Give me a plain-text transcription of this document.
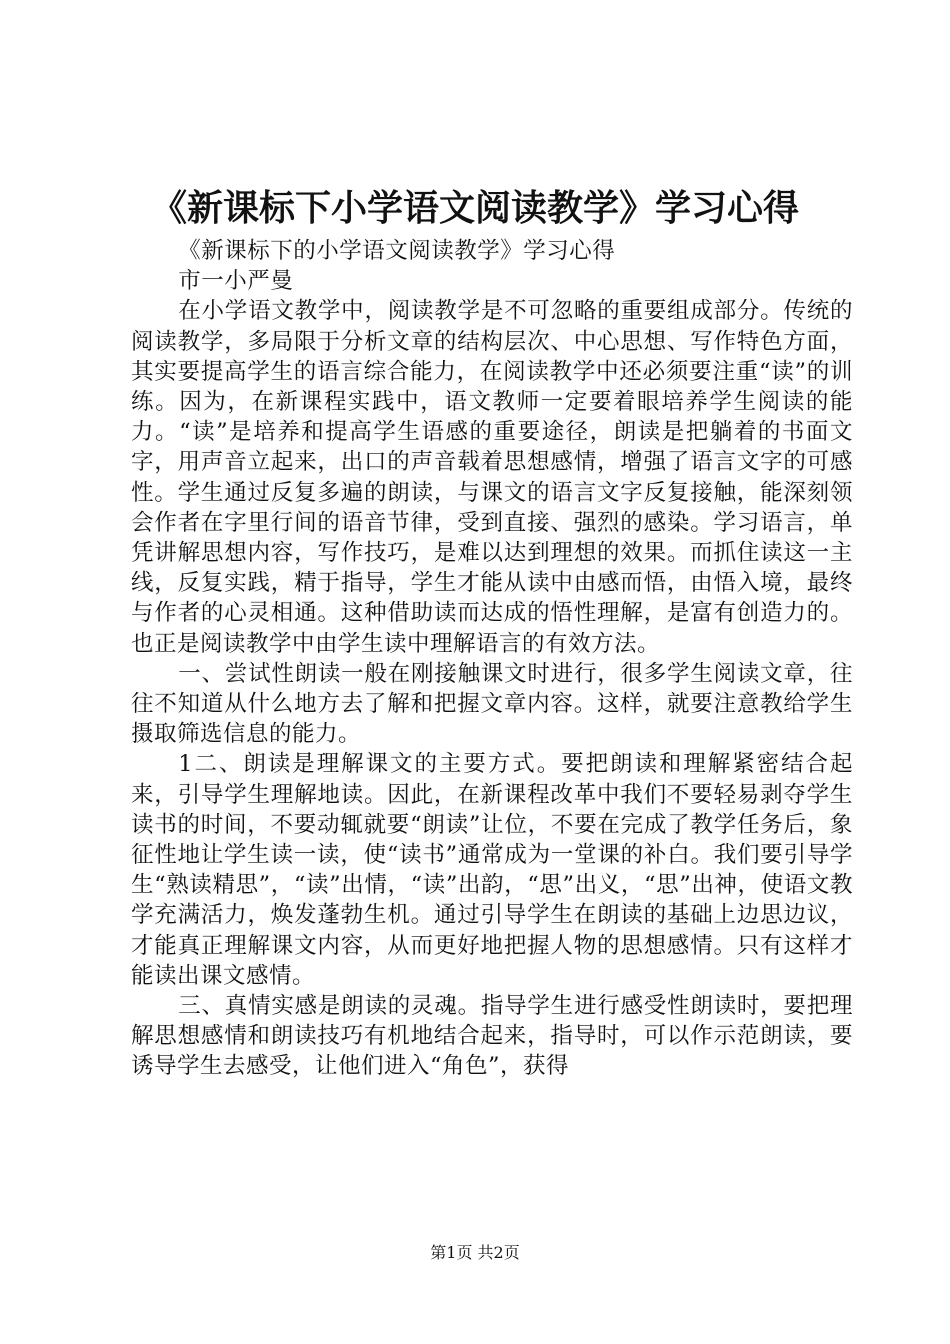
《新课标下小学语文阅读教学》学习心得

《新课标下的小学语文阅读教学》学习心得

市一小严曼

在小学语文教学中，阅读教学是不可忽略的重要组成部分。传统的阅读教学，多局限于分析文章的结构层次、中心思想、写作特色方面，其实要提高学生的语言综合能力，在阅读教学中还必须要注重“读”的训练。因为，在新课程实践中，语文教师一定要着眼培养学生阅读的能力。“读”是培养和提高学生语感的重要途径，朗读是把躺着的书面文字，用声音立起来，出口的声音载着思想感情，增强了语言文字的可感性。学生通过反复多遍的朗读，与课文的语言文字反复接触，能深刻领会作者在字里行间的语音节律，受到直接、强烈的感染。学习语言，单凭讲解思想内容，写作技巧，是难以达到理想的效果。而抓住读这一主线，反复实践，精于指导，学生才能从读中由感而悟，由悟入境，最终与作者的心灵相通。这种借助读而达成的悟性理解，是富有创造力的。也正是阅读教学中由学生读中理解语言的有效方法。

一、尝试性朗读一般在刚接触课文时进行，很多学生阅读文章，往往不知道从什么地方去了解和把握文章内容。这样，就要注意教给学生摄取筛选信息的能力。

1二、朗读是理解课文的主要方式。要把朗读和理解紧密结合起来，引导学生理解地读。因此，在新课程改革中我们不要轻易剥夺学生读书的时间，不要动辄就要“朗读”让位，不要在完成了教学任务后，象征性地让学生读一读，使“读书”通常成为一堂课的补白。我们要引导学生“熟读精思”，“读”出情，“读”出韵，“思”出义，“思”出神，使语文教学充满活力，焕发蓬勃生机。通过引导学生在朗读的基础上边思边议，才能真正理解课文内容，从而更好地把握人物的思想感情。只有这样才能读出课文感情。

三、真情实感是朗读的灵魂。指导学生进行感受性朗读时，要把理解思想感情和朗读技巧有机地结合起来，指导时，可以作示范朗读，要诱导学生去感受，让他们进入“角色”，获得

第1页 共2页
